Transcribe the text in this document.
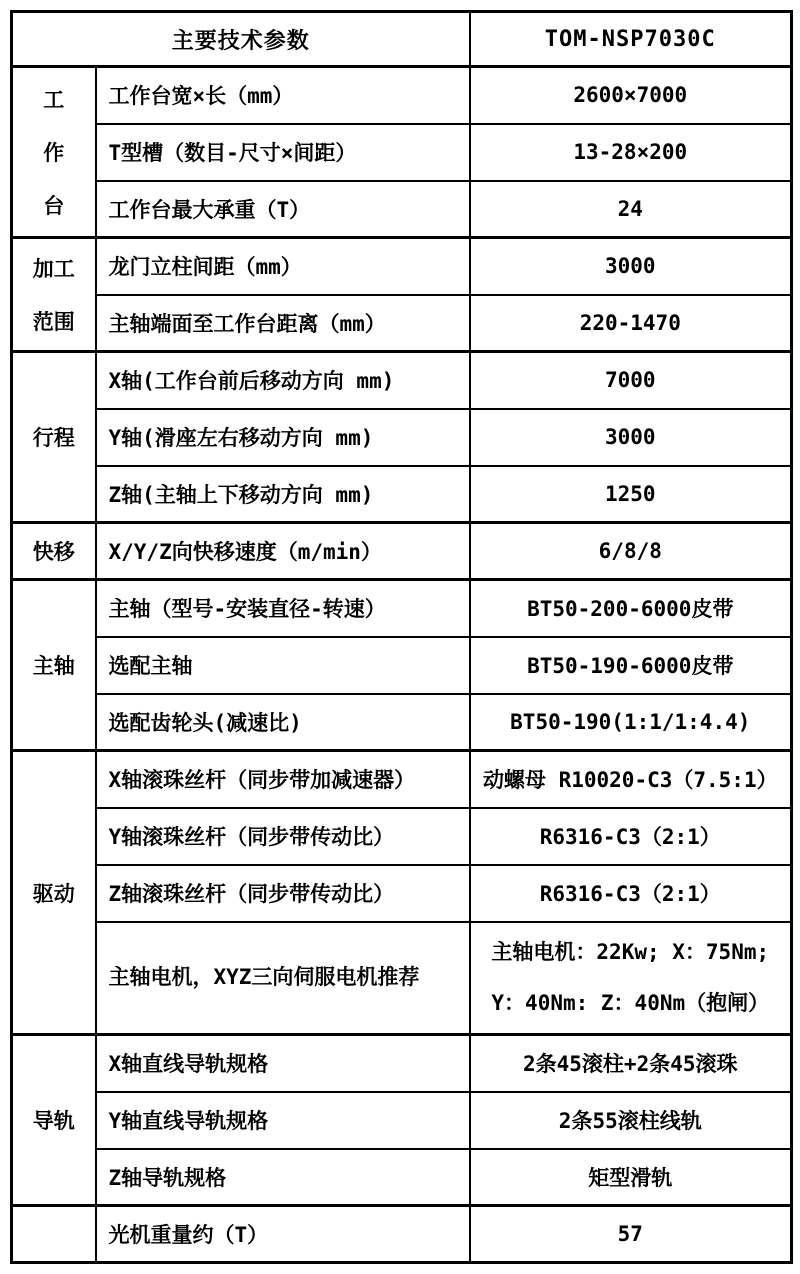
主要技术参数		TOM-NSP7030C

工
作
台	工作台宽×长（mm）	2600×7000
	T型槽（数目-尺寸×间距）	13-28×200
	工作台最大承重（T）	24

加工
范围	龙门立柱间距（mm）	3000
	主轴端面至工作台距离（mm）	220-1470
行程	X轴(工作台前后移动方向 mm)	7000
	Y轴(滑座左右移动方向 mm)	3000
	Z轴(主轴上下移动方向 mm)	1250
快移	X/Y/Z向快移速度（m/min）	6/8/8
主轴	主轴（型号-安装直径-转速）	BT50-200-6000皮带
	选配主轴	BT50-190-6000皮带
	选配齿轮头(减速比)	BT50-190(1:1/1:4.4)
驱动	X轴滚珠丝杆（同步带加减速器）	动螺母 R10020-C3（7.5:1）
	Y轴滚珠丝杆（同步带传动比）	R6316-C3（2:1）
	Z轴滚珠丝杆（同步带传动比）	R6316-C3（2:1）
	主轴电机，XYZ三向伺服电机推荐	主轴电机：22Kw; X：75Nm;
Y：40Nm: Z：40Nm（抱闸）

导轨	X轴直线导轨规格	2条45滚柱+2条45滚珠
	Y轴直线导轨规格	2条55滚柱线轨
	Z轴导轨规格	矩型滑轨
	光机重量约（T）	57
